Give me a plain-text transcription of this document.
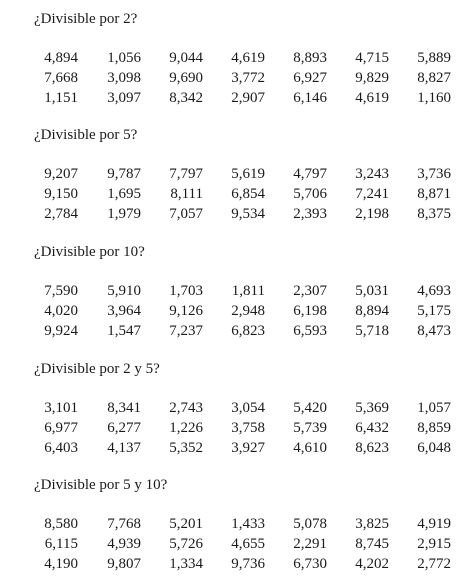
¿Divisible por 2?
4,894	1,056	9,044	4,619	8,893	4,715	5,889
7,668	3,098	9,690	3,772	6,927	9,829	8,827
1,151	3,097	8,342	2,907	6,146	4,619	1,160
¿Divisible por 5?
9,207	9,787	7,797	5,619	4,797	3,243	3,736
9,150	1,695	8,111	6,854	5,706	7,241	8,871
2,784	1,979	7,057	9,534	2,393	2,198	8,375
¿Divisible por 10?
7,590	5,910	1,703	1,811	2,307	5,031	4,693
4,020	3,964	9,126	2,948	6,198	8,894	5,175
9,924	1,547	7,237	6,823	6,593	5,718	8,473
¿Divisible por 2 y 5?
3,101	8,341	2,743	3,054	5,420	5,369	1,057
6,977	6,277	1,226	3,758	5,739	6,432	8,859
6,403	4,137	5,352	3,927	4,610	8,623	6,048
¿Divisible por 5 y 10?
8,580	7,768	5,201	1,433	5,078	3,825	4,919
6,115	4,939	5,726	4,655	2,291	8,745	2,915
4,190	9,807	1,334	9,736	6,730	4,202	2,772
